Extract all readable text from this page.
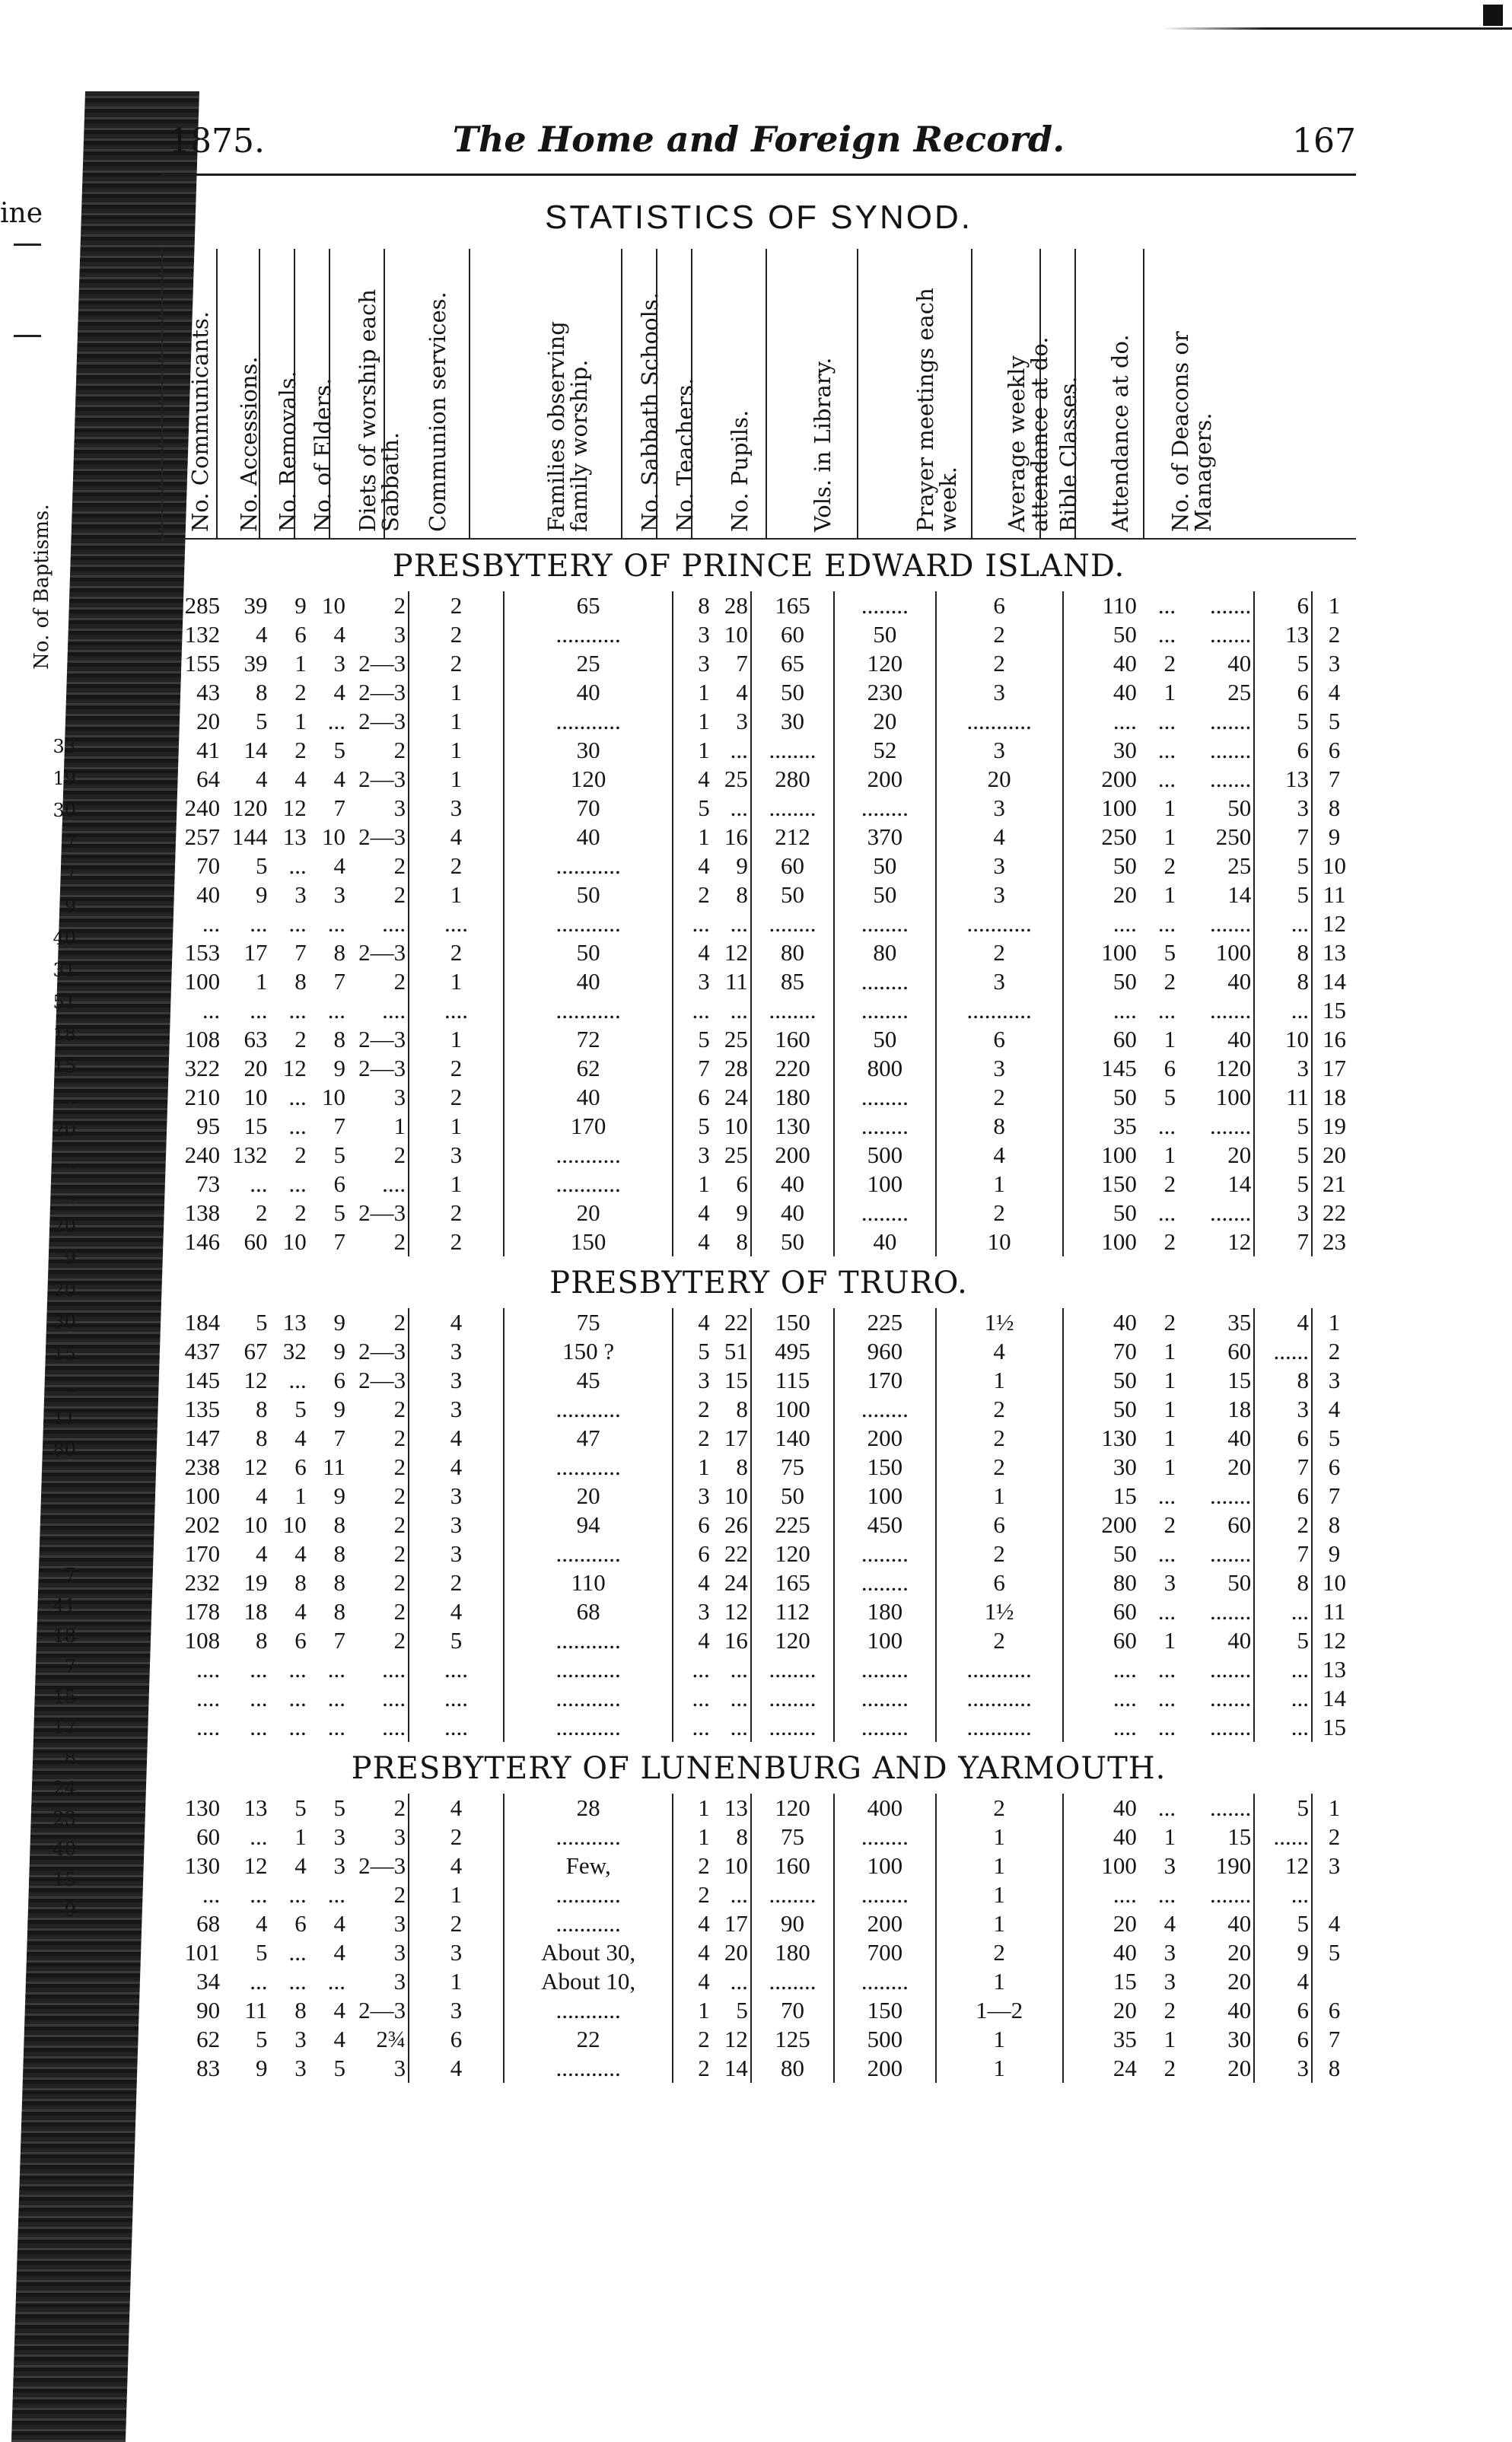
ine
No. of Baptisms.
33
19
30
7
7
9
40
31
51
18
15
..
20
..
..
20
9
20
30
15
..
11
80
7
41
18
7
15
17
8
24
23
40
15
9
1875.	The Home and Foreign Record.	167
STATISTICS OF SYNOD.
No. Communicants. No. Accessions. No. Removals. No. of Elders. Diets of worship each Sabbath. Communion services.	Families observing family worship. No. Sabbath Schools. No. Teachers. No. Pupils.	Vols. in Library.	Prayer meetings each week. Average weekly attendance at do. Bible Classes. Attendance at do. No. of Deacons or Managers.
PRESBYTERY OF PRINCE EDWARD ISLAND.
285	39	9	10	2	2	65	8	28	165	........	6	110	...	.......	6	1
132	4	6	4	3	2	...........	3	10	60	50	2	50	...	.......	13	2
155	39	1	3	2—3	2	25	3	7	65	120	2	40	2	40	5	3
43	8	2	4	2—3	1	40	1	4	50	230	3	40	1	25	6	4
20	5	1	...	2—3	1	...........	1	3	30	20	...........	....	...	.......	5	5
41	14	2	5	2	1	30	1	...	........	52	3	30	...	.......	6	6
64	4	4	4	2—3	1	120	4	25	280	200	20	200	...	.......	13	7
240	120	12	7	3	3	70	5	...	........	........	3	100	1	50	3	8
257	144	13	10	2—3	4	40	1	16	212	370	4	250	1	250	7	9
70	5	...	4	2	2	...........	4	9	60	50	3	50	2	25	5	10
40	9	3	3	2	1	50	2	8	50	50	3	20	1	14	5	11
...	...	...	...	....	....	...........	...	...	........	........	...........	....	...	.......	...	12
153	17	7	8	2—3	2	50	4	12	80	80	2	100	5	100	8	13
100	1	8	7	2	1	40	3	11	85	........	3	50	2	40	8	14
...	...	...	...	....	....	...........	...	...	........	........	...........	....	...	.......	...	15
108	63	2	8	2—3	1	72	5	25	160	50	6	60	1	40	10	16
322	20	12	9	2—3	2	62	7	28	220	800	3	145	6	120	3	17
210	10	...	10	3	2	40	6	24	180	........	2	50	5	100	11	18
95	15	...	7	1	1	170	5	10	130	........	8	35	...	.......	5	19
240	132	2	5	2	3	...........	3	25	200	500	4	100	1	20	5	20
73	...	...	6	....	1	...........	1	6	40	100	1	150	2	14	5	21
138	2	2	5	2—3	2	20	4	9	40	........	2	50	...	.......	3	22
146	60	10	7	2	2	150	4	8	50	40	10	100	2	12	7	23
PRESBYTERY OF TRURO.
184	5	13	9	2	4	75	4	22	150	225	1½	40	2	35	4	1
437	67	32	9	2—3	3	150 ?	5	51	495	960	4	70	1	60	......	2
145	12	...	6	2—3	3	45	3	15	115	170	1	50	1	15	8	3
135	8	5	9	2	3	...........	2	8	100	........	2	50	1	18	3	4
147	8	4	7	2	4	47	2	17	140	200	2	130	1	40	6	5
238	12	6	11	2	4	...........	1	8	75	150	2	30	1	20	7	6
100	4	1	9	2	3	20	3	10	50	100	1	15	...	.......	6	7
202	10	10	8	2	3	94	6	26	225	450	6	200	2	60	2	8
170	4	4	8	2	3	...........	6	22	120	........	2	50	...	.......	7	9
232	19	8	8	2	2	110	4	24	165	........	6	80	3	50	8	10
178	18	4	8	2	4	68	3	12	112	180	1½	60	...	.......	...	11
108	8	6	7	2	5	...........	4	16	120	100	2	60	1	40	5	12
....	...	...	...	....	....	...........	...	...	........	........	...........	....	...	.......	...	13
....	...	...	...	....	....	...........	...	...	........	........	...........	....	...	.......	...	14
....	...	...	...	....	....	...........	...	...	........	........	...........	....	...	.......	...	15
PRESBYTERY OF LUNENBURG AND YARMOUTH.
130	13	5	5	2	4	28	1	13	120	400	2	40	...	.......	5	1
60	...	1	3	3	2	...........	1	8	75	........	1	40	1	15	......	2
130	12	4	3	2—3	4	Few,	2	10	160	100	1	100	3	190	12	3
...	...	...	...	2	1	...........	2	...	........	........	1	....	...	.......	...	
68	4	6	4	3	2	...........	4	17	90	200	1	20	4	40	5	4
101	5	...	4	3	3	About 30,	4	20	180	700	2	40	3	20	9	5
34	...	...	...	3	1	About 10,	4	...	........	........	1	15	3	20	4	
90	11	8	4	2—3	3	...........	1	5	70	150	1—2	20	2	40	6	6
62	5	3	4	2¾	6	22	2	12	125	500	1	35	1	30	6	7
83	9	3	5	3	4	...........	2	14	80	200	1	24	2	20	3	8
